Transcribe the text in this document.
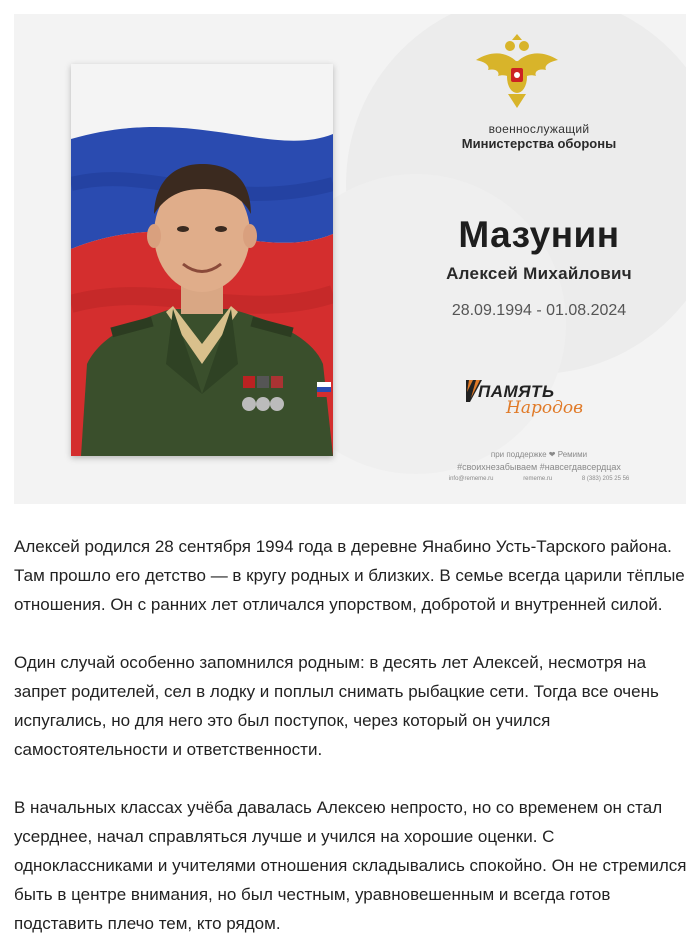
военнослужащий
Министерства обороны
Мазунин
Алексей Михайлович
28.09.1994 - 01.08.2024
ПАМЯТЬ
Народов
при поддержке ❤ Ремими
#своихнезабываем #навсегдавсердцах
info@rememe.ru	rememe.ru	8 (383) 205 25 56

Алексей родился 28 сентября 1994 года в деревне Янабино Усть-Тарского района. Там прошло его детство — в кругу родных и близких. В семье всегда царили тёплые отношения. Он с ранних лет отличался упорством, добротой и внутренней силой.

Один случай особенно запомнился родным: в десять лет Алексей, несмотря на запрет родителей, сел в лодку и поплыл снимать рыбацкие сети. Тогда все очень испугались, но для него это был поступок, через который он учился самостоятельности и ответственности.

В начальных классах учёба давалась Алексею непросто, но со временем он стал усерднее, начал справляться лучше и учился на хорошие оценки. С одноклассниками и учителями отношения складывались спокойно. Он не стремился быть в центре внимания, но был честным, уравновешенным и всегда готов подставить плечо тем, кто рядом.
